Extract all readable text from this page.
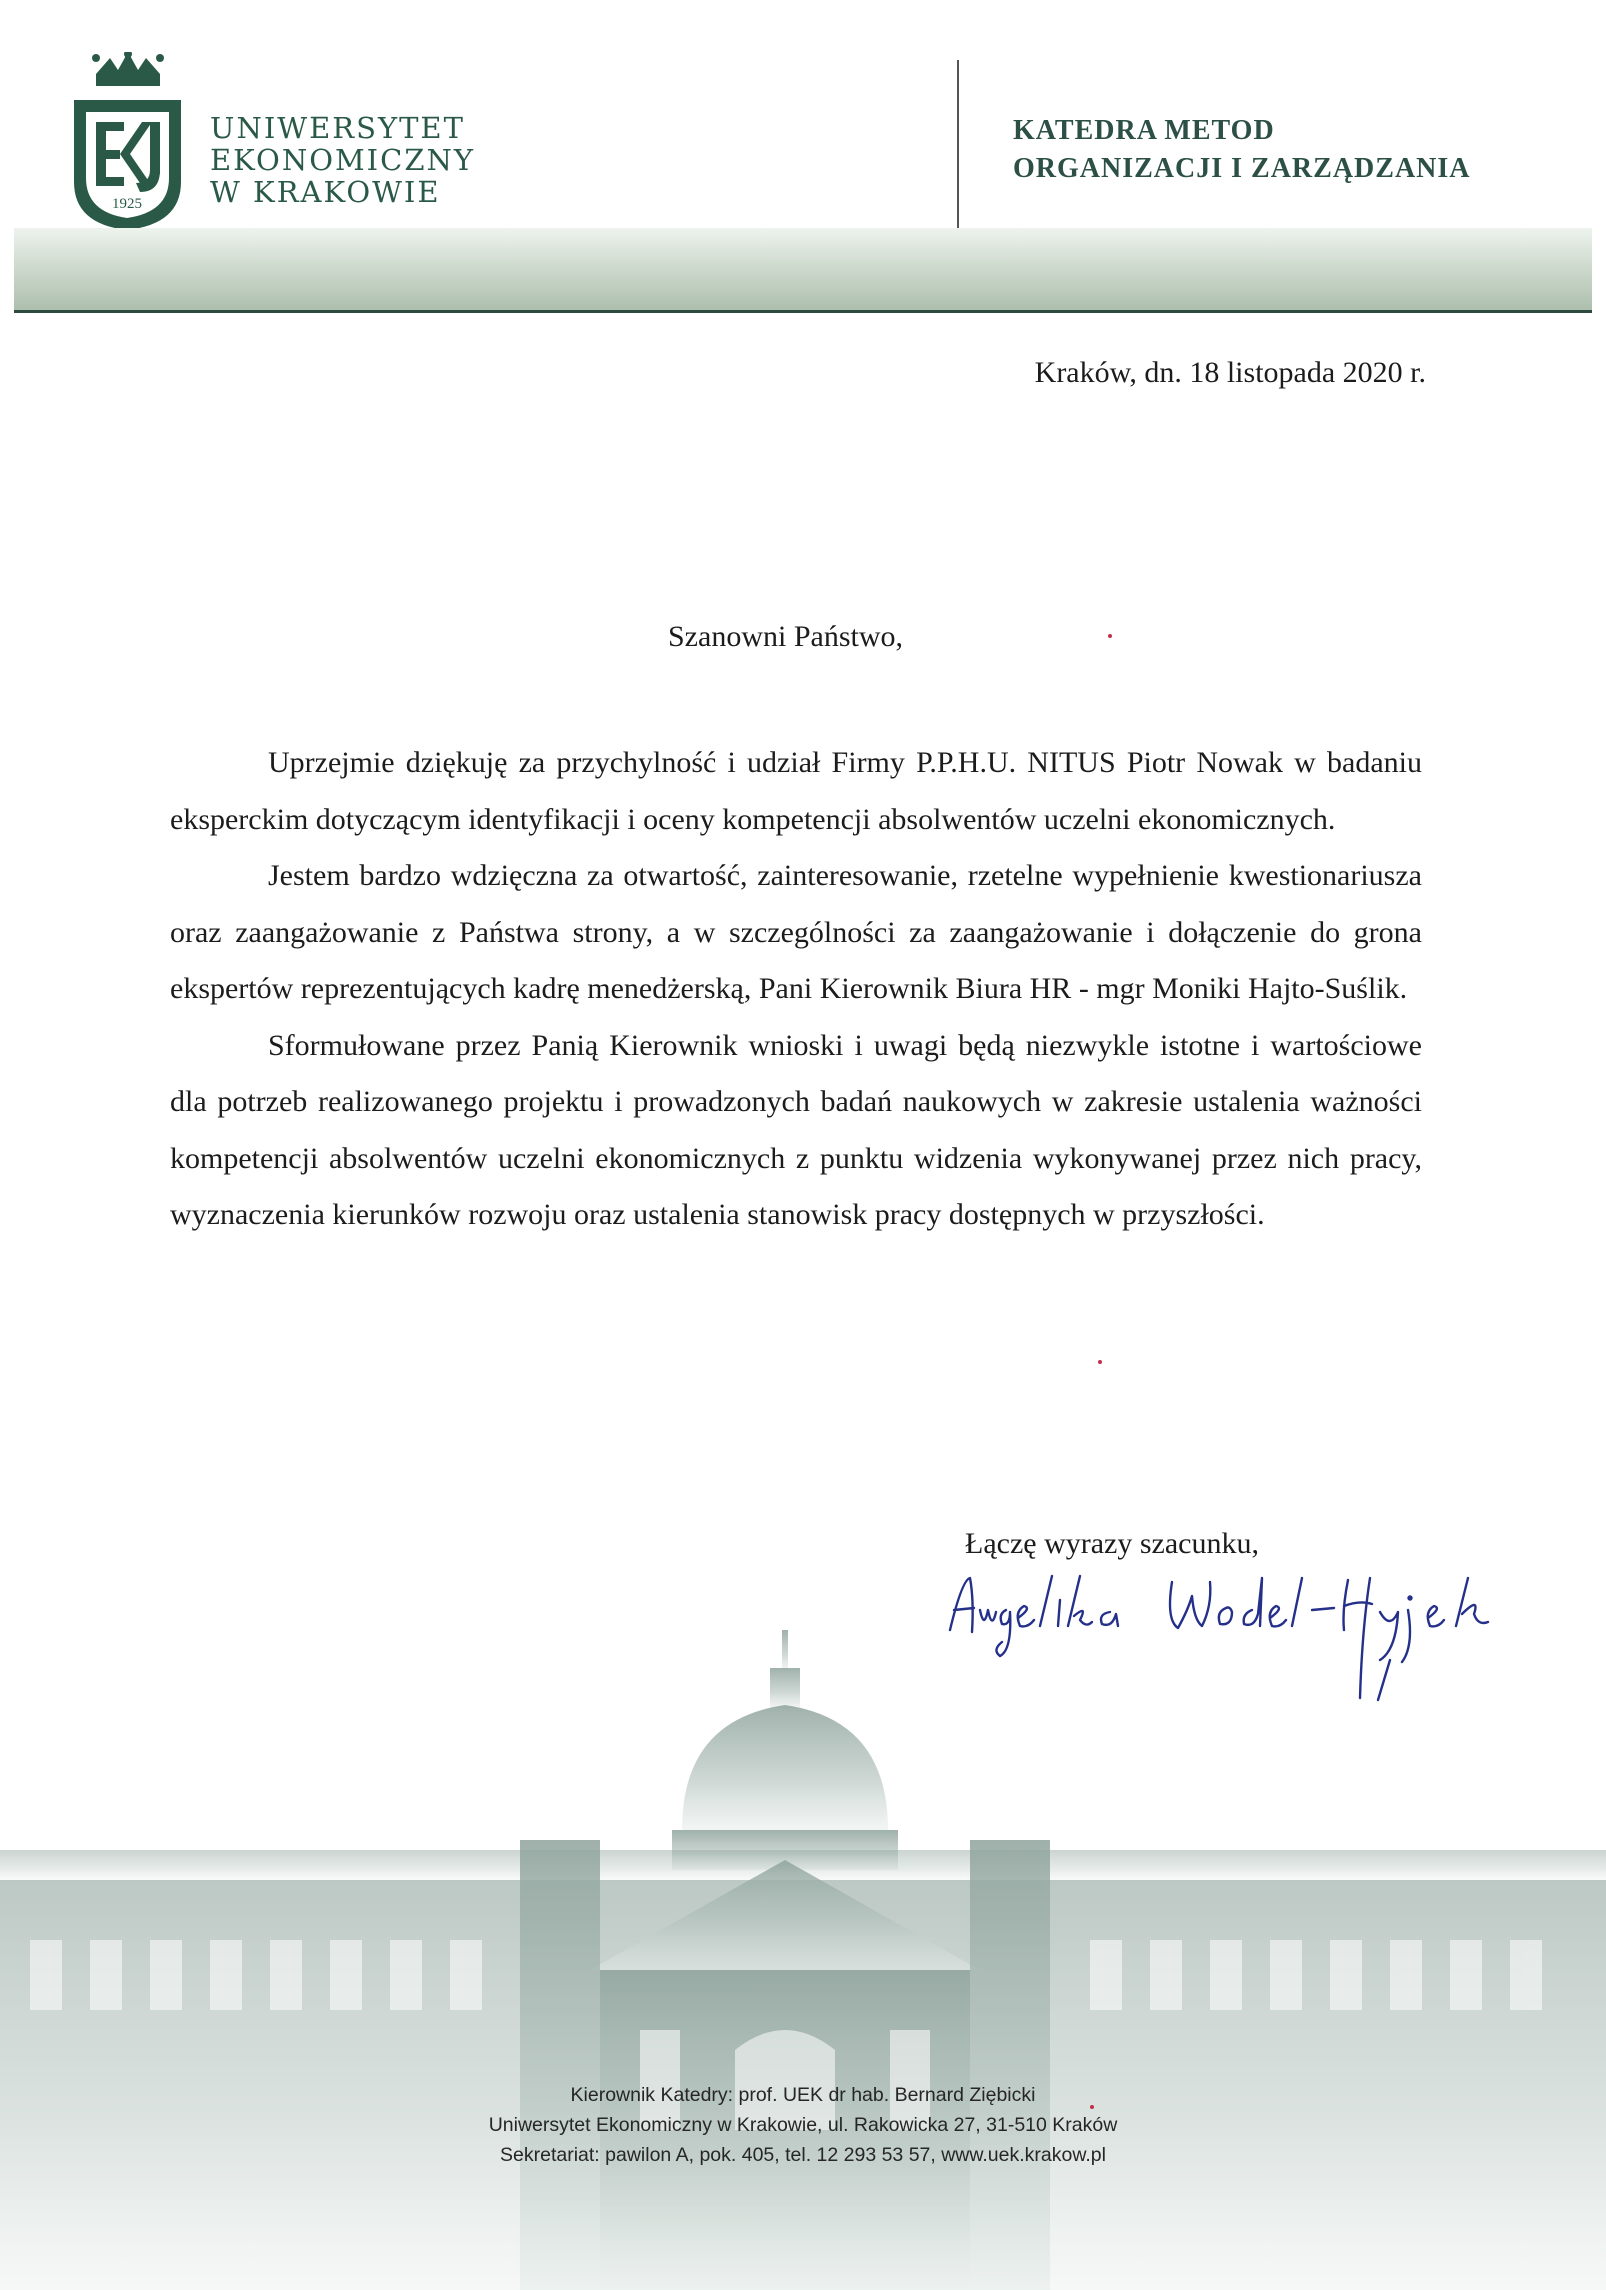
1925
UNIWERSYTET
EKONOMICZNY
W KRAKOWIE
KATEDRA METOD
ORGANIZACJI I ZARZĄDZANIA
Kraków, dn. 18 listopada 2020 r.
Szanowni Państwo,

Uprzejmie dziękuję za przychylność i udział Firmy P.P.H.U. NITUS Piotr Nowak w badaniu eksperckim dotyczącym identyfikacji i oceny kompetencji absolwentów uczelni ekonomicznych.

Jestem bardzo wdzięczna za otwartość, zainteresowanie, rzetelne wypełnienie kwestionariusza oraz zaangażowanie z Państwa strony, a w szczególności za zaangażowanie i dołączenie do grona ekspertów reprezentujących kadrę menedżerską, Pani Kierownik Biura HR - mgr Moniki Hajto-Suślik.

Sformułowane przez Panią Kierownik wnioski i uwagi będą niezwykle istotne i wartościowe dla potrzeb realizowanego projektu i prowadzonych badań naukowych w zakresie ustalenia ważności kompetencji absolwentów uczelni ekonomicznych z punktu widzenia wykonywanej przez nich pracy, wyznaczenia kierunków rozwoju oraz ustalenia stanowisk pracy dostępnych w przyszłości.

Łączę wyrazy szacunku,
Kierownik Katedry: prof. UEK dr hab. Bernard Ziębicki
Uniwersytet Ekonomiczny w Krakowie, ul. Rakowicka 27, 31-510 Kraków
Sekretariat: pawilon A, pok. 405, tel. 12 293 53 57, www.uek.krakow.pl
